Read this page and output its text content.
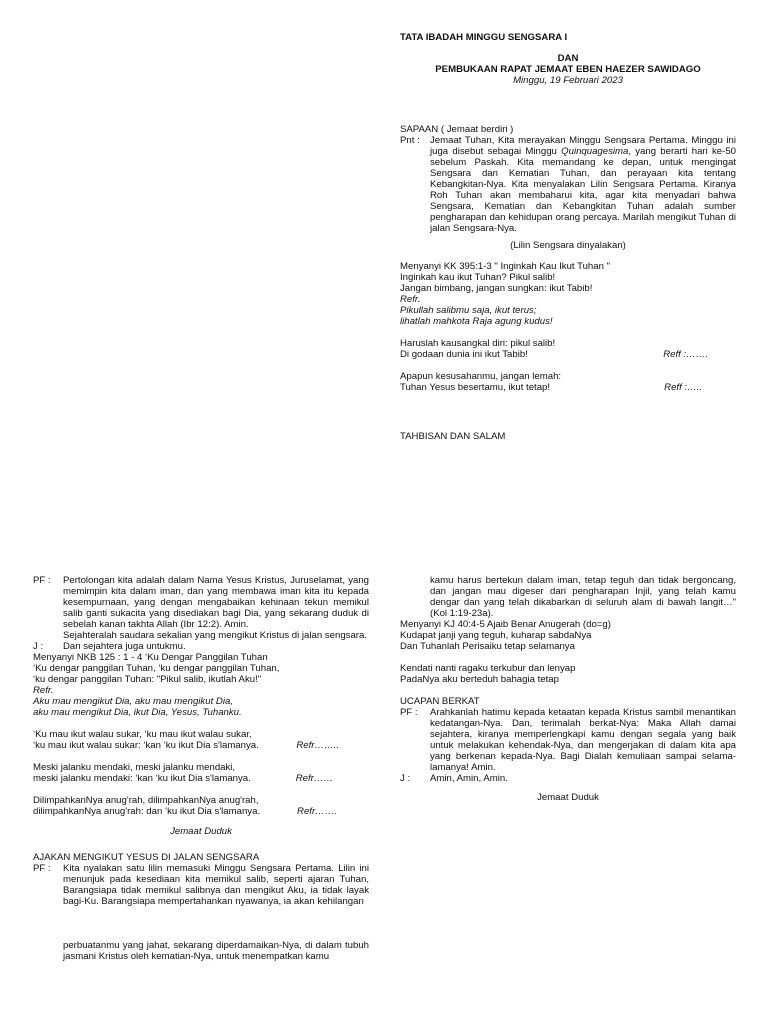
TATA IBADAH MINGGU SENGSARA I
DAN
PEMBUKAAN RAPAT JEMAAT EBEN HAEZER SAWIDAGO
Minggu, 19 Februari 2023
SAPAAN ( Jemaat berdiri )
Pnt :	Jemaat Tuhan, Kita merayakan Minggu Sengsara Pertama. Minggu ini juga disebut sebagai Minggu Quinquagesima, yang berarti hari ke-50 sebelum Paskah. Kita memandang ke depan, untuk mengingat Sengsara dan Kematian Tuhan, dan perayaan kita tentang Kebangkitan-Nya. Kita menyalakan Lilin Sengsara Pertama. Kiranya Roh Tuhan akan membaharui kita, agar kita menyadari bahwa Sengsara, Kematian dan Kebangkitan Tuhan adalah sumber pengharapan dan kehidupan orang percaya. Marilah mengikut Tuhan di jalan Sengsara-Nya.
(Lilin Sengsara dinyalakan)
Menyanyi KK 395:1-3 " Inginkah Kau Ikut Tuhan "
Inginkah kau ikut Tuhan? Pikul salib!
Jangan bimbang, jangan sungkan: ikut Tabib!
Refr.
Pikullah salibmu saja, ikut terus;
lihatlah mahkota Raja agung kudus!
Haruslah kausangkal diri: pikul salib!
Di godaan dunia ini ikut Tabib!	Reff :…….
Apapun kesusahanmu, jangan lemah:
Tuhan Yesus besertamu, ikut tetap!	Reff :…..
TAHBISAN DAN SALAM
PF :	Pertolongan kita adalah dalam Nama Yesus Kristus, Juruselamat, yang memimpin kita dalam iman, dan yang membawa iman kita itu kepada kesempurnaan, yang dengan mengabaikan kehinaan tekun memikul salib ganti sukacita yang disediakan bagi Dia, yang sekarang duduk di sebelah kanan takhta Allah (Ibr 12:2). Amin.
Sejahteralah saudara sekalian yang mengikut Kristus di jalan sengsara.
J :	Dan sejahtera juga untukmu.
Menyanyi NKB 125 : 1 - 4 ‘Ku Dengar Panggilan Tuhan
‘Ku dengar panggilan Tuhan, ‘ku dengar panggilan Tuhan,
‘ku dengar panggilan Tuhan: "Pikul salib, ikutlah Aku!"
Refr.
Aku mau mengikut Dia, aku mau mengikut Dia,
aku mau mengikut Dia, ikut Dia, Yesus, Tuhanku.
‘Ku mau ikut walau sukar, ‘ku mau ikut walau sukar,
‘ku mau ikut walau sukar: ‘kan ‘ku ikut Dia s'lamanya.	Refr……..
Meski jalanku mendaki, meski jalanku mendaki,
meski jalanku mendaki: ‘kan ‘ku ikut Dia s'lamanya.	Refr……
DilimpahkanNya anug'rah, dilimpahkanNya anug'rah,
dilimpahkanNya anug'rah: dan ‘ku ikut Dia s'lamanya.	Refr…….
Jemaat Duduk
AJAKAN MENGIKUT YESUS DI JALAN SENGSARA
PF :	Kita nyalakan satu lilin memasuki Minggu Sengsara Pertama. Lilin ini menunjuk pada kesediaan kita memikul salib, seperti ajaran Tuhan, Barangsiapa tidak memikul salibnya dan mengikut Aku, ia tidak layak bagi-Ku. Barangsiapa mempertahankan nyawanya, ia akan kehilangan
perbuatanmu yang jahat, sekarang diperdamaikan-Nya, di dalam tubuh jasmani Kristus oleh kematian-Nya, untuk menempatkan kamu
kamu harus bertekun dalam iman, tetap teguh dan tidak bergoncang, dan jangan mau digeser dari pengharapan Injil, yang telah kamu dengar dan yang telah dikabarkan di seluruh alam di bawah langit…" (Kol 1:19-23a).
Menyanyi KJ 40:4-5 Ajaib Benar Anugerah (do=g)
Kudapat janji yang teguh, kuharap sabdaNya
Dan Tuhanlah Perisaiku tetap selamanya
Kendati nanti ragaku terkubur dan lenyap
PadaNya aku berteduh bahagia tetap
UCAPAN BERKAT
PF :	Arahkanlah hatimu kepada ketaatan kepada Kristus sambil menantikan kedatangan-Nya. Dan, terimalah berkat-Nya: Maka Allah damai sejahtera, kiranya memperlengkapi kamu dengan segala yang baik untuk melakukan kehendak-Nya, dan mengerjakan di dalam kita apa yang berkenan kepada-Nya. Bagi Dialah kemuliaan sampai selama-lamanya! Amin.
J :	Amin, Amin, Amin.
Jemaat Duduk
